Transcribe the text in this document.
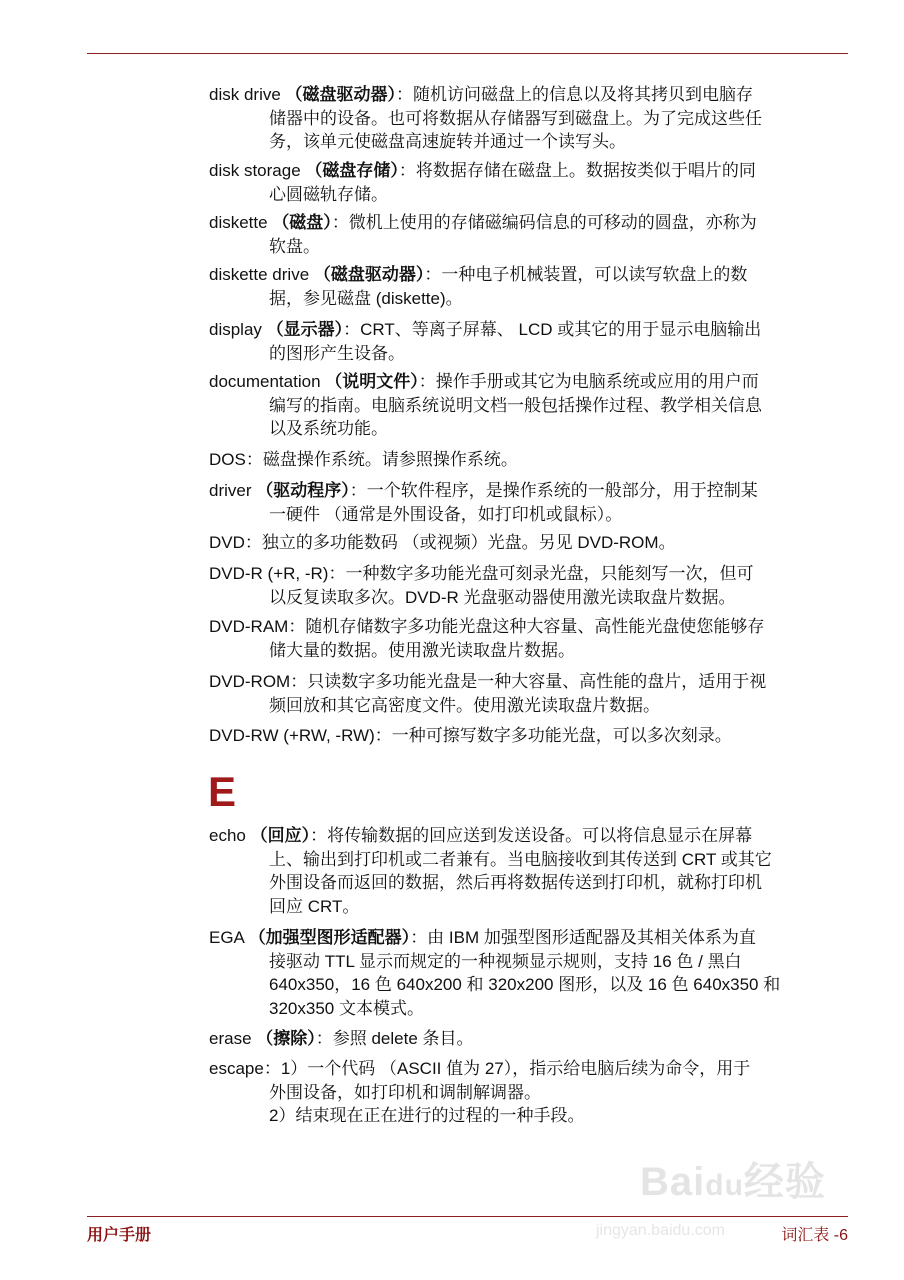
disk drive （磁盘驱动器）：随机访问磁盘上的信息以及将其拷贝到电脑存
储器中的设备。也可将数据从存储器写到磁盘上。为了完成这些任
务，该单元使磁盘高速旋转并通过一个读写头。
disk storage （磁盘存储）：将数据存储在磁盘上。数据按类似于唱片的同
心圆磁轨存储。
diskette （磁盘）：微机上使用的存储磁编码信息的可移动的圆盘，亦称为
软盘。
diskette drive （磁盘驱动器）：一种电子机械装置，可以读写软盘上的数
据，参见磁盘 (diskette)。
display （显示器）：CRT、等离子屏幕、 LCD 或其它的用于显示电脑输出
的图形产生设备。
documentation （说明文件）：操作手册或其它为电脑系统或应用的用户而
编写的指南。电脑系统说明文档一般包括操作过程、教学相关信息
以及系统功能。
DOS：磁盘操作系统。请参照操作系统。
driver （驱动程序）：一个软件程序，是操作系统的一般部分，用于控制某
一硬件 （通常是外围设备，如打印机或鼠标）。
DVD：独立的多功能数码 （或视频）光盘。另见 DVD-ROM。
DVD-R (+R, -R)：一种数字多功能光盘可刻录光盘，只能刻写一次，但可
以反复读取多次。DVD-R 光盘驱动器使用激光读取盘片数据。
DVD-RAM：随机存储数字多功能光盘这种大容量、高性能光盘使您能够存
储大量的数据。使用激光读取盘片数据。
DVD-ROM：只读数字多功能光盘是一种大容量、高性能的盘片，适用于视
频回放和其它高密度文件。使用激光读取盘片数据。
DVD-RW (+RW, -RW)：一种可擦写数字多功能光盘，可以多次刻录。
echo （回应）：将传输数据的回应送到发送设备。可以将信息显示在屏幕
上、输出到打印机或二者兼有。当电脑接收到其传送到 CRT 或其它
外围设备而返回的数据，然后再将数据传送到打印机，就称打印机
回应 CRT。
EGA （加强型图形适配器）：由 IBM 加强型图形适配器及其相关体系为直
接驱动 TTL 显示而规定的一种视频显示规则，支持 16 色 / 黑白
640x350，16 色 640x200 和 320x200 图形，以及 16 色 640x350 和
320x350 文本模式。
erase （擦除）：参照 delete 条目。
escape：1）一个代码 （ASCII 值为 27），指示给电脑后续为命令，用于
外围设备，如打印机和调制解调器。
2）结束现在正在进行的过程的一种手段。
E
Baidu经验
jingyan.baidu.com
用户手册	词汇表 -6
